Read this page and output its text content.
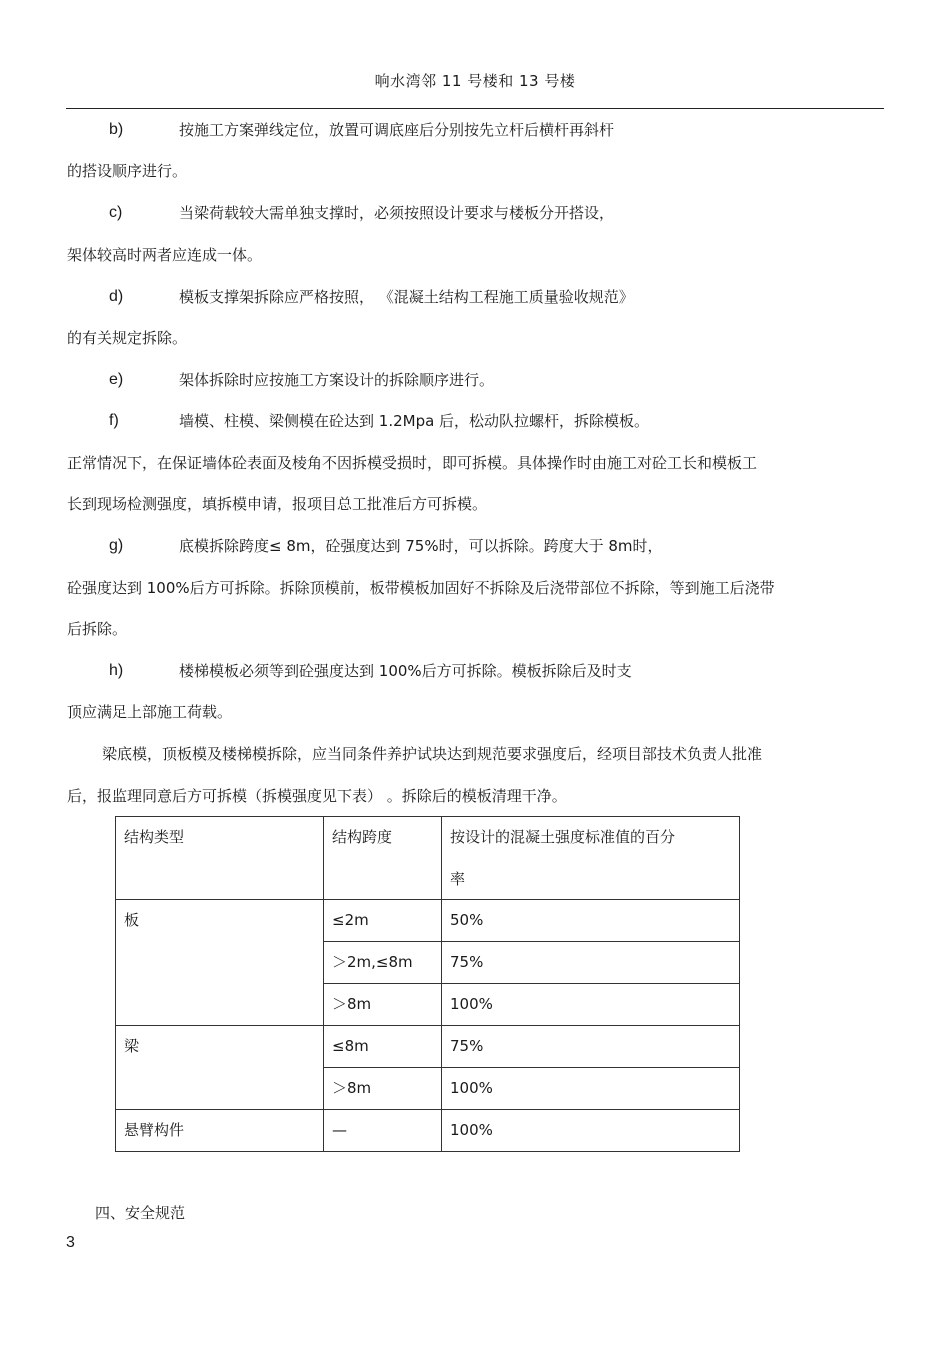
响水湾邻 11 号楼和 13 号楼
b)	按施工方案弹线定位，放置可调底座后分别按先立杆后横杆再斜杆
的搭设顺序进行。
c)	当梁荷载较大需单独支撑时，必须按照设计要求与楼板分开搭设，
架体较高时两者应连成一体。
d)	模板支撑架拆除应严格按照， 《混凝土结构工程施工质量验收规范》
的有关规定拆除。
e)	架体拆除时应按施工方案设计的拆除顺序进行。
f)	墙模、柱模、梁侧模在砼达到 1.2Mpa 后，松动队拉螺杆，拆除模板。
正常情况下，在保证墙体砼表面及棱角不因拆模受损时，即可拆模。具体操作时由施工对砼工长和模板工
长到现场检测强度，填拆模申请，报项目总工批准后方可拆模。
g)	底模拆除跨度≤ 8m，砼强度达到 75%时，可以拆除。跨度大于 8m时，
砼强度达到 100%后方可拆除。拆除顶模前，板带模板加固好不拆除及后浇带部位不拆除，等到施工后浇带
后拆除。
h)	楼梯模板必须等到砼强度达到 100%后方可拆除。模板拆除后及时支
顶应满足上部施工荷载。
梁底模，顶板模及楼梯模拆除，应当同条件养护试块达到规范要求强度后，经项目部技术负责人批准
后，报监理同意后方可拆模（拆模强度见下表） 。拆除后的模板清理干净。
结构类型	结构跨度	按设计的混凝土强度标准值的百分
率

板	≤2m	50%
	＞2m,≤8m	75%
	＞8m	100%
梁	≤8m	75%
	＞8m	100%
悬臂构件	—	100%
四、安全规范
3
